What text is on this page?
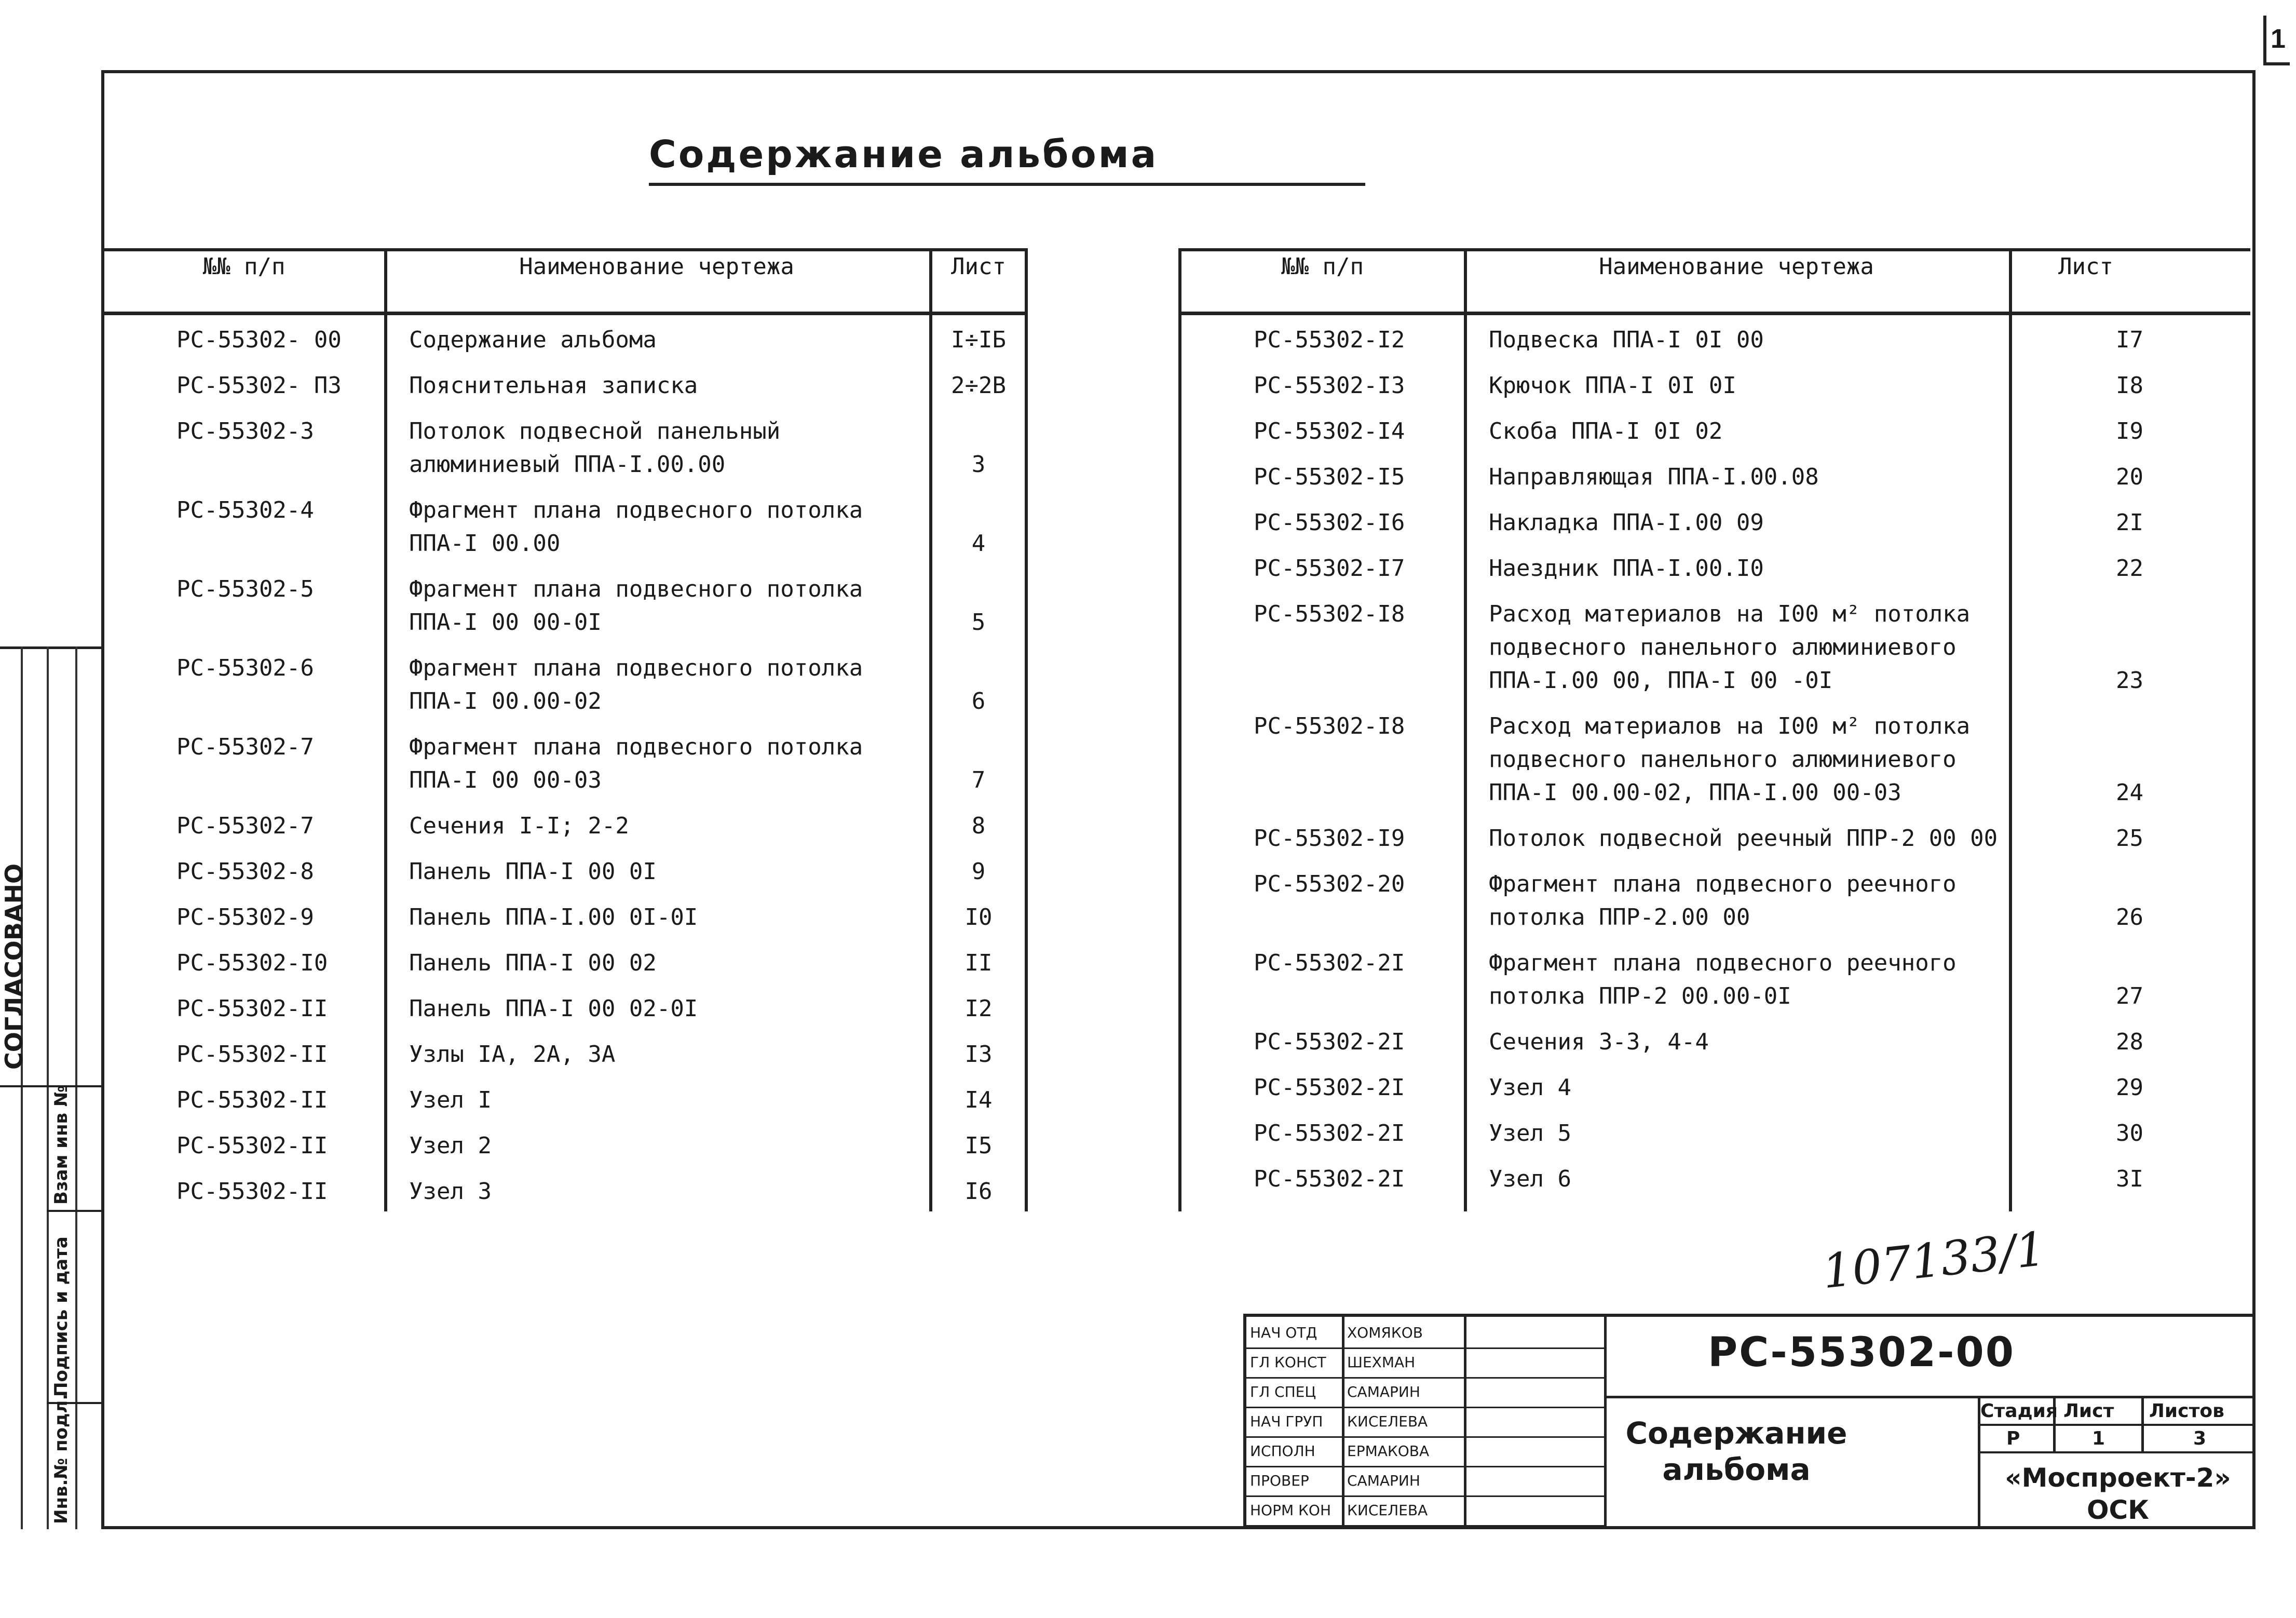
1
Содержание альбома
№№ п/п	Наименование чертежа	Лист
РС-55302- 00	Содержание альбома	I÷IБ
РС-55302- ПЗ	Пояснительная записка	2÷2В
РС-55302-3	Потолок подвесной панельный алюминиевый ППА-I.00.00	3
РС-55302-4	Фрагмент плана подвесного потолка ППА-I 00.00	4
РС-55302-5	Фрагмент плана подвесного потолка ППА-I 00 00-0I	5
РС-55302-6	Фрагмент плана подвесного потолка ППА-I 00.00-02	6
РС-55302-7	Фрагмент плана подвесного потолка ППА-I 00 00-03	7
РС-55302-7	Сечения I-I; 2-2	8
РС-55302-8	Панель ППА-I 00 0I	9
РС-55302-9	Панель ППА-I.00 0I-0I	I0
РС-55302-I0	Панель ППА-I 00 02	II
РС-55302-II	Панель ППА-I 00 02-0I	I2
РС-55302-II	Узлы IА, 2А, 3А	I3
РС-55302-II	Узел I	I4
РС-55302-II	Узел 2	I5
РС-55302-II	Узел 3	I6
№№ п/п	Наименование чертежа	Лист
РС-55302-I2	Подвеска ППА-I 0I 00	I7
РС-55302-I3	Крючок ППА-I 0I 0I	I8
РС-55302-I4	Скоба ППА-I 0I 02	I9
РС-55302-I5	Направляющая ППА-I.00.08	20
РС-55302-I6	Накладка ППА-I.00 09	2I
РС-55302-I7	Наездник ППА-I.00.I0	22
РС-55302-I8	Расход материалов на I00 м² потолка подвесного панельного алюминиевого ППА-I.00 00, ППА-I 00 -0I	23
РС-55302-I8	Расход материалов на I00 м² потолка подвесного панельного алюминиевого ППА-I 00.00-02, ППА-I.00 00-03	24
РС-55302-I9	Потолок подвесной реечный ППР-2 00 00	25
РС-55302-20	Фрагмент плана подвесного реечного потолка ППР-2.00 00	26
РС-55302-2I	Фрагмент плана подвесного реечного потолка ППР-2 00.00-0I	27
РС-55302-2I	Сечения 3-3, 4-4	28
РС-55302-2I	Узел 4	29
РС-55302-2I	Узел 5	30
РС-55302-2I	Узел 6	3I
СОГЛАСОВАНО
Взам инв №
Подпись и дата
Инв.№ подл.
107133/1
НАЧ ОТД ХОМЯКОВ
ГЛ КОНСТ ШЕХМАН
ГЛ СПЕЦ САМАРИН
НАЧ ГРУП КИСЕЛЕВА
ИСПОЛН ЕРМАКОВА
ПРОВЕР	САМАРИН
НОРМ КОН КИСЕЛЕВА
РС-55302-00
Содержание
альбома
Стадия Лист Листов
Р	1	3
«Моспроект-2»
ОСК
